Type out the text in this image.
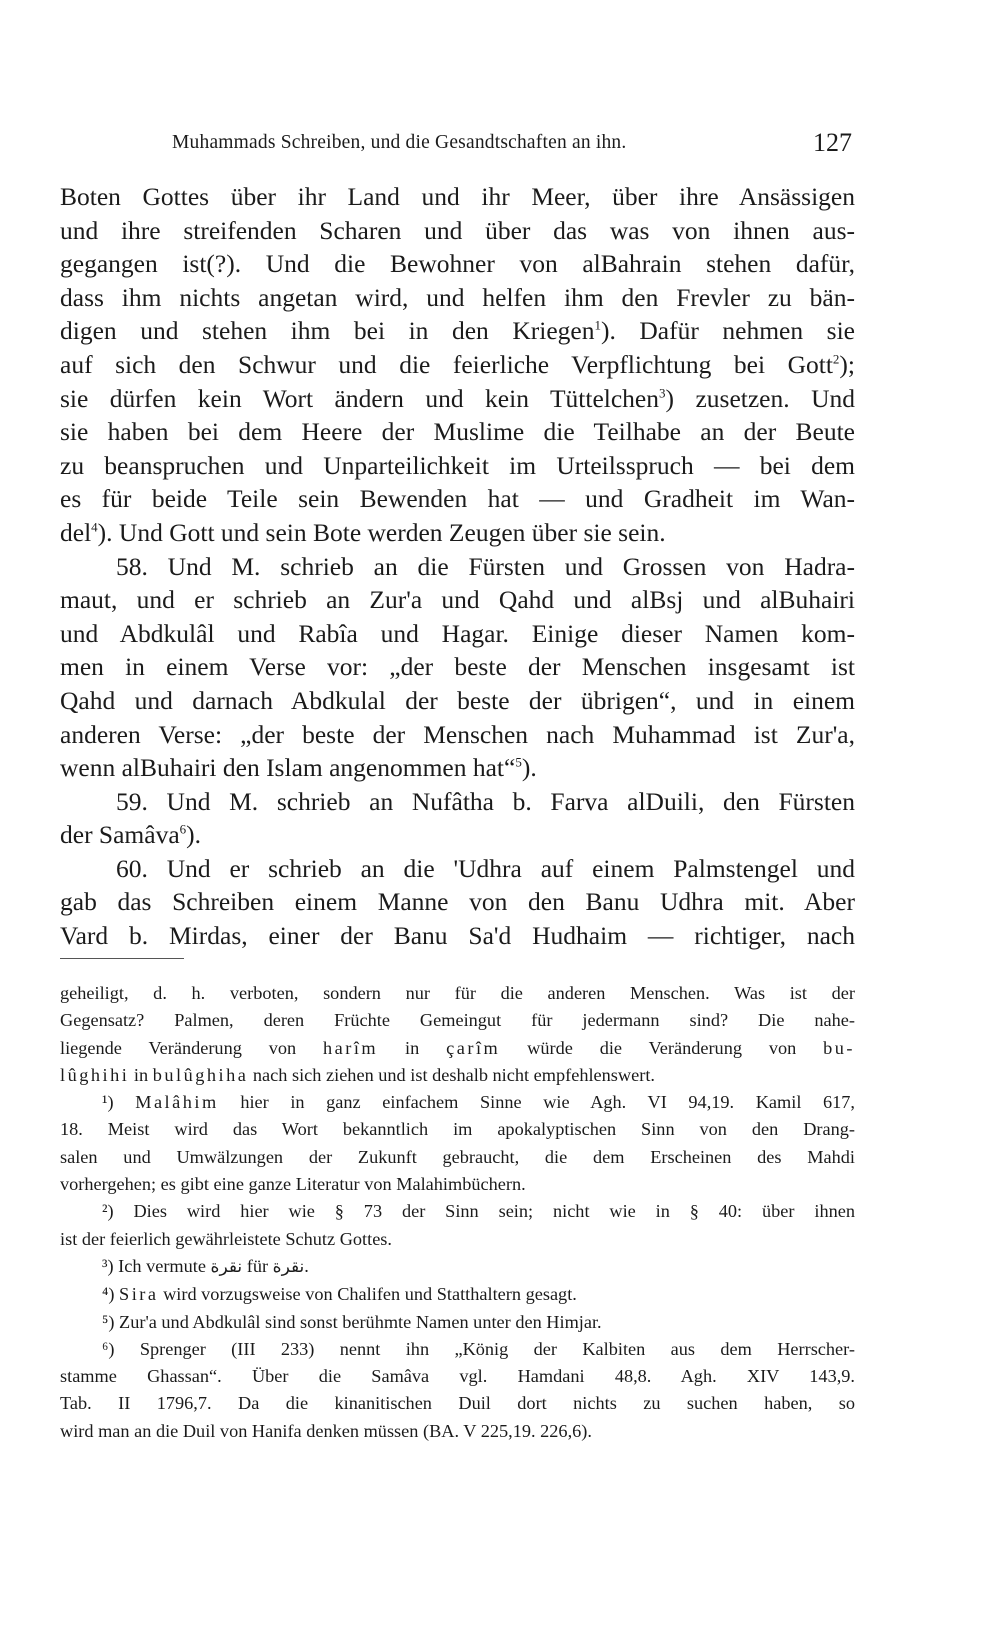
Muhammads Schreiben, und die Gesandtschaften an ihn.	127
Boten Gottes über ihr Land und ihr Meer, über ihre Ansässigen
und ihre streifenden Scharen und über das was von ihnen aus-
gegangen ist(?). Und die Bewohner von alBahrain stehen dafür,
dass ihm nichts angetan wird, und helfen ihm den Frevler zu bän-
digen und stehen ihm bei in den Kriegen$^1$). Dafür nehmen sie
auf sich den Schwur und die feierliche Verpflichtung bei Gott$^2$);
sie dürfen kein Wort ändern und kein Tüttelchen$^3$) zusetzen. Und
sie haben bei dem Heere der Muslime die Teilhabe an der Beute
zu beanspruchen und Unparteilichkeit im Urteilsspruch — bei dem
es für beide Teile sein Bewenden hat — und Gradheit im Wan-
del$^4$). Und Gott und sein Bote werden Zeugen über sie sein.
58. Und M. schrieb an die Fürsten und Grossen von Hadra-
maut, und er schrieb an Zur'a und Qahd und alBsj und alBuhairi
und Abdkulâl und Rabîa und Hagar. Einige dieser Namen kom-
men in einem Verse vor: „der beste der Menschen insgesamt ist
Qahd und darnach Abdkulal der beste der übrigen“, und in einem
anderen Verse: „der beste der Menschen nach Muhammad ist Zur'a,
wenn alBuhairi den Islam angenommen hat“$^5$).
59. Und M. schrieb an Nufâtha b. Farva alDuili, den Fürsten
der Samâva$^6$).
60. Und er schrieb an die 'Udhra auf einem Palmstengel und
gab das Schreiben einem Manne von den Banu Udhra mit. Aber
Vard b. Mirdas, einer der Banu Sa'd Hudhaim — richtiger, nach
geheiligt, d. h. verboten, sondern nur für die anderen Menschen. Was ist der
Gegensatz? Palmen, deren Früchte Gemeingut für jedermann sind? Die nahe-
liegende Veränderung von harîm in çarîm würde die Veränderung von bu-
lûghihi in bulûghiha nach sich ziehen und ist deshalb nicht empfehlenswert.
¹) Malâhim hier in ganz einfachem Sinne wie Agh. VI 94,19. Kamil 617,
18. Meist wird das Wort bekanntlich im apokalyptischen Sinn von den Drang-
salen und Umwälzungen der Zukunft gebraucht, die dem Erscheinen des Mahdi
vorhergehen; es gibt eine ganze Literatur von Malahimbüchern.
²) Dies wird hier wie § 73 der Sinn sein; nicht wie in § 40: über ihnen
ist der feierlich gewährleistete Schutz Gottes.
³) Ich vermute نقرة für نقرة.
⁴) Sira wird vorzugsweise von Chalifen und Statthaltern gesagt.
⁵) Zur'a und Abdkulâl sind sonst berühmte Namen unter den Himjar.
⁶) Sprenger (III 233) nennt ihn „König der Kalbiten aus dem Herrscher-
stamme Ghassan“. Über die Samâva vgl. Hamdani 48,8. Agh. XIV 143,9.
Tab. II 1796,7. Da die kinanitischen Duil dort nichts zu suchen haben, so
wird man an die Duil von Hanifa denken müssen (BA. V 225,19. 226,6).
